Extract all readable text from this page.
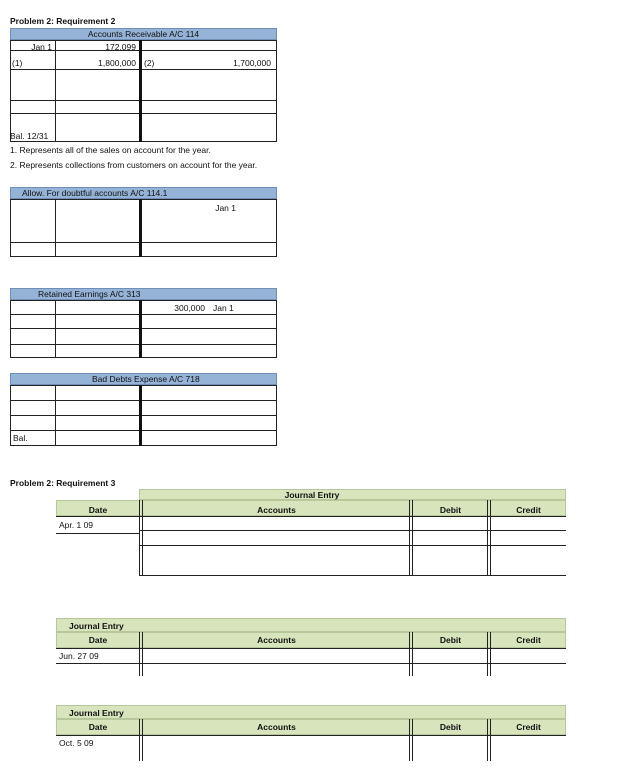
Problem 2: Requirement 2
Accounts Receivable A/C 114
Jan 1	172,099
(1)	1,800,000 (2)	1,700,000
Bal. 12/31
1. Represents all of the sales on account for the year.
2. Represents collections from customers on account for the year.
Allow. For doubtful accounts A/C 114.1
Jan 1
Retained Earnings A/C 313
300,000 Jan 1
Bad Debts Expense A/C 718
Bal.
Problem 2: Requirement 3
Journal Entry
Date	Accounts	Debit	Credit
Apr. 1 09
Journal Entry
Date	Accounts	Debit	Credit
Jun. 27 09
Journal Entry
Date	Accounts	Debit	Credit
Oct. 5 09
